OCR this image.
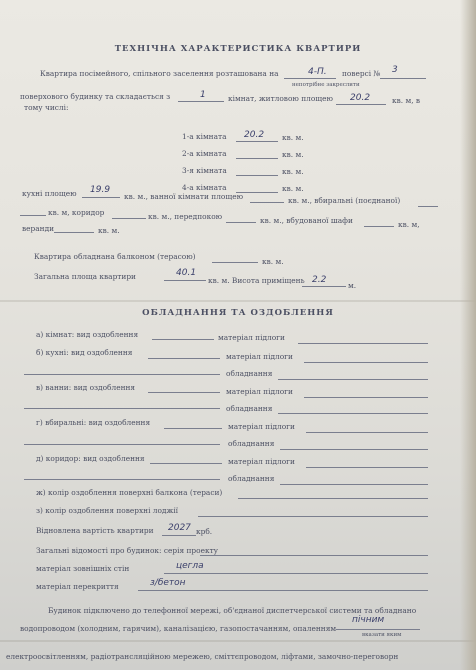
ТЕХНІЧНА ХАРАКТЕРИСТИКА КВАРТИРИ
Квартира посімейного, спільного заселення розташована на	4-П. поверсі № 3
непотрібне закреслити
поверхового будинку та складається з	1	кімнат, житловою площею 20.2	кв. м, в
тому числі:
1-а кімната 20.2 кв. м.
2-а кімната	кв. м.
3-я кімната	кв. м.
4-а кімната	кв. м.
кухні площею 19.9
кв. м., ванної кімнати площею	кв. м., вбиральні (поєднаної)
кв. м, коридор	кв. м., передпокою	кв. м., вбудованої шафи	кв. м,
веранди	кв. м.
Квартира обладнана балконом (терасою)
кв. м.
Загальна площа квартири	40.1
кв. м. Висота приміщень 2.2
м.
ОБЛАДНАННЯ ТА ОЗДОБЛЕННЯ
а) кімнат: вид оздоблення	матеріал підлоги
б) кухні: вид оздоблення	матеріал підлоги
обладнання
в) ванни: вид оздоблення	матеріал підлоги
обладнання
г) вбиральні: вид оздоблення	матеріал підлоги
обладнання
д) коридор: вид оздоблення	матеріал підлоги
обладнання
ж) колір оздоблення поверхні балкона (тераси)
з) колір оздоблення поверхні лоджії
Відновлена вартість квартири 2027 крб.
Загальні відомості про будинок: серія проекту
матеріал зовнішніх стін	цегла
матеріал перекриття	з/бетон
Будинок підключено до телефонної мережі, об'єднаної диспетчерської системи та обладнано
водопроводом (холодним, гарячим), каналізацією, газопостачанням, опаленням
пічним
вказати яким
електроосвітленням, радіотрансляційною мережею, сміттєпроводом, ліфтами, замочно-переговорн
